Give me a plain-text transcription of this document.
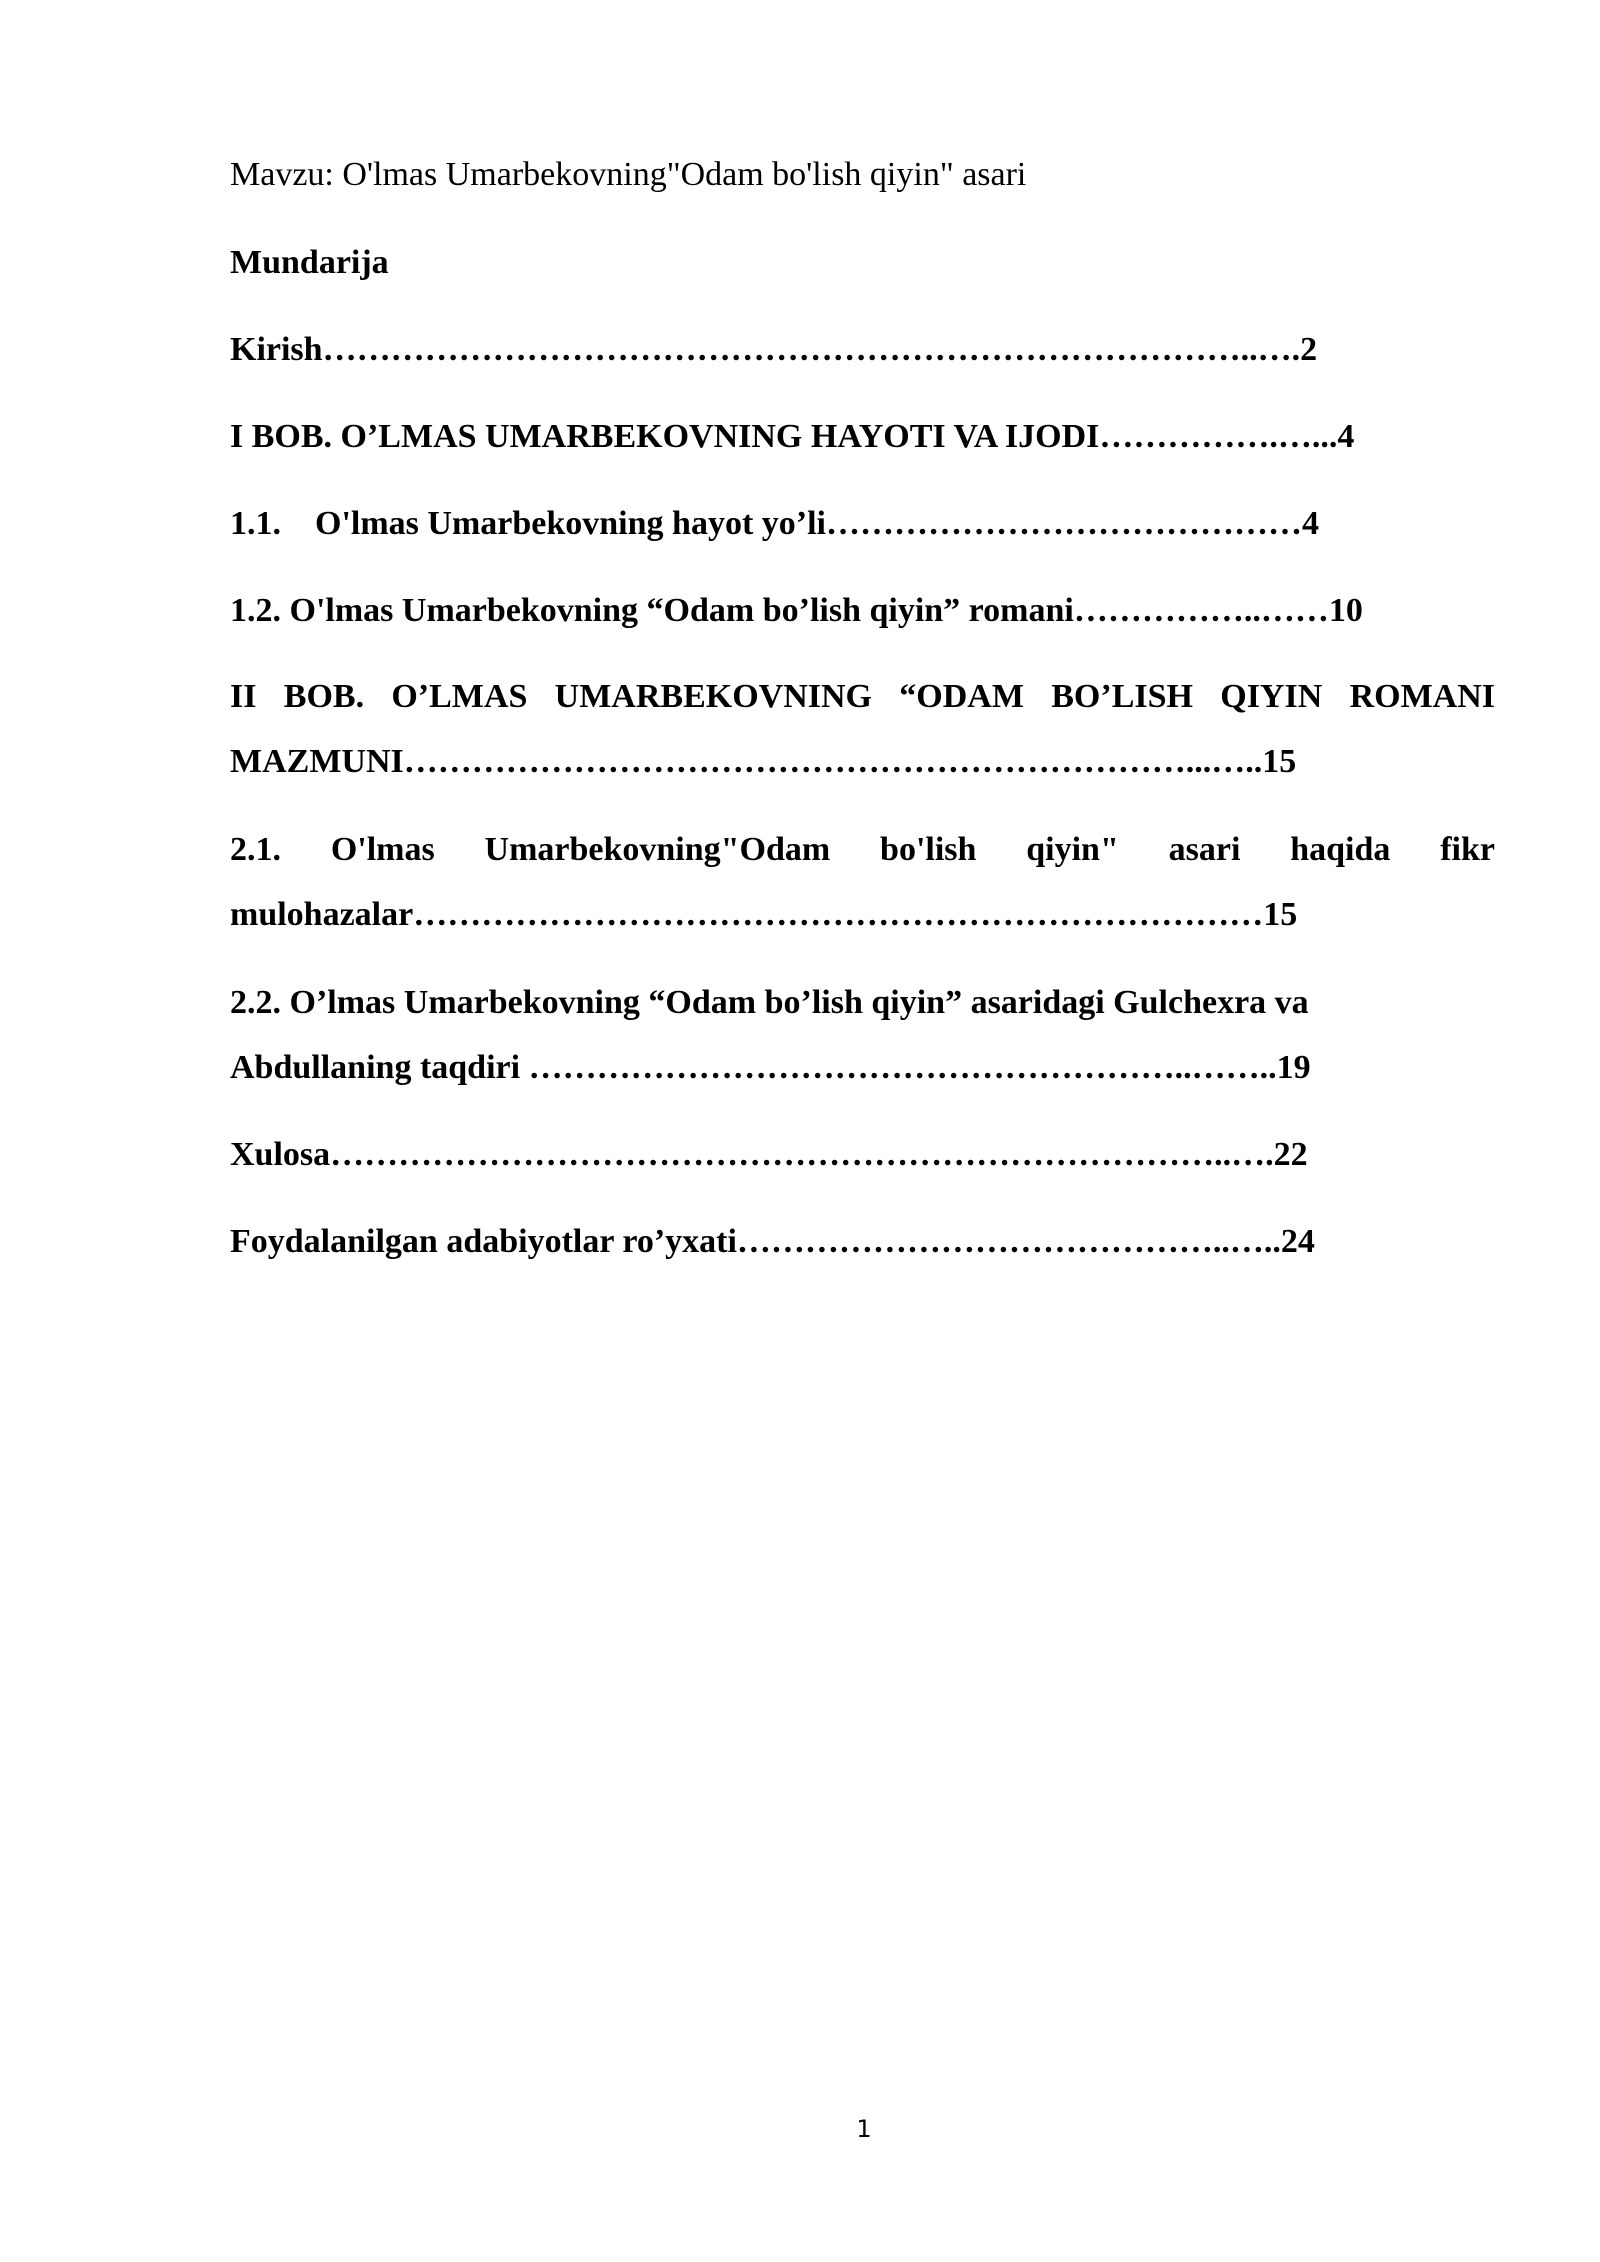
Mavzu: O'lmas Umarbekovning"Odam bo'lish qiyin" asari
Mundarija
Kirish………………………………………………………………………..….2
I BOB. O’LMAS UMARBEKOVNING HAYOTI VA IJODI…………….…...4
1.1.    O'lmas Umarbekovning hayot yo’li……………………………………4
1.2. O'lmas Umarbekovning “Odam bo’lish qiyin” romani……………..……10
II BOB. O’LMAS UMARBEKOVNING “ODAM BO’LISH QIYIN ROMANI
MAZMUNI……………………………………………………………...…..15
2.1. O'lmas Umarbekovning"Odam bo'lish qiyin" asari haqida fikr
mulohazalar…………………………………………………………………15
2.2. O’lmas Umarbekovning “Odam bo’lish qiyin” asaridagi Gulchexra va
Abdullaning taqdiri …………………………………………………..……..19
Xulosa……………………………………………………………………..….22
Foydalanilgan adabiyotlar ro’yxati……………………………………..…..24
1
